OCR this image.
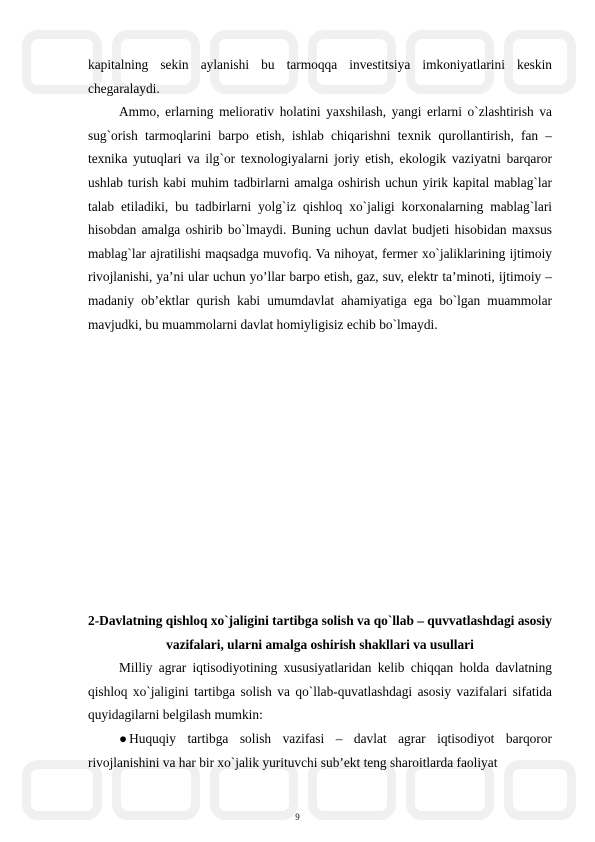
kapitalning sekin aylanishi bu tarmoqqa investitsiya imkoniyatlarini keskin chegaralaydi.

Ammo, erlarning meliorativ holatini yaxshilash, yangi erlarni o`zlashtirish va sug`orish tarmoqlarini barpo etish, ishlab chiqarishni texnik qurollantirish, fan – texnika yutuqlari va ilg`or texnologiyalarni joriy etish, ekologik vaziyatni barqaror ushlab turish kabi muhim tadbirlarni amalga oshirish uchun yirik kapital mablag`lar talab etiladiki, bu tadbirlarni yolg`iz qishloq xo`jaligi korxonalarning mablag`lari hisobdan amalga oshirib bo`lmaydi. Buning uchun davlat budjeti hisobidan maxsus mablag`lar ajratilishi maqsadga muvofiq. Va nihoyat, fermer xo`jaliklarining ijtimoiy rivojlanishi, ya’ni ular uchun yo’llar barpo etish, gaz, suv, elektr ta’minoti, ijtimoiy – madaniy ob’ektlar qurish kabi umumdavlat ahamiyatiga ega bo`lgan muammolar mavjudki, bu muammolarni davlat homiyligisiz echib bo`lmaydi.

2-Davlatning qishloq xo`jaligini tartibga solish va qo`llab – quvvatlashdagi asosiy vazifalari, ularni amalga oshirish shakllari va usullari

Milliy agrar iqtisodiyotining xususiyatlaridan kelib chiqqan holda davlatning qishloq xo`jaligini tartibga solish va qo`llab-quvatlashdagi asosiy vazifalari sifatida quyidagilarni belgilash mumkin:

● Huquqiy tartibga solish vazifasi – davlat agrar iqtisodiyot barqoror rivojlanishini va har bir xo`jalik yurituvchi sub’ekt teng sharoitlarda faoliyat

9
